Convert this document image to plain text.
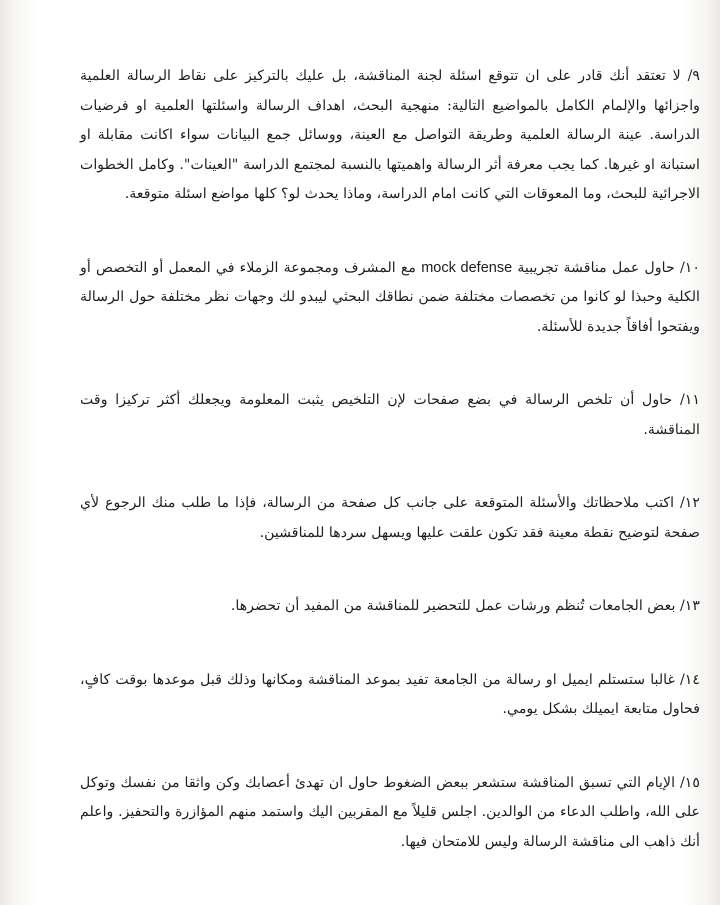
٩/ لا تعتقد أنك قادر على ان تتوقع اسئلة لجنة المناقشة، بل عليك بالتركيز على نقاط الرسالة العلمية واجزائها والإلمام الكامل بالمواضيع التالية: منهجية البحث، اهداف الرسالة واسئلتها العلمية او فرضيات الدراسة. عينة الرسالة العلمية وطريقة التواصل مع العينة، ووسائل جمع البيانات سواء اكانت مقابلة او استبانة او غيرها. كما يجب معرفة أثر الرسالة واهميتها بالنسبة لمجتمع الدراسة "العينات". وكامل الخطوات الاجرائية للبحث، وما المعوقات التي كانت امام الدراسة، وماذا يحدث لو؟ كلها مواضع اسئلة متوقعة.

١٠/ حاول عمل مناقشة تجريبية mock defense مع المشرف ومجموعة الزملاء في المعمل أو التخصص أو الكلية وحبذا لو كانوا من تخصصات مختلفة ضمن نطاقك البحثي ليبدو لك وجهات نظر مختلفة حول الرسالة ويفتحوا أفاقاً جديدة للأسئلة.

١١/ حاول أن تلخص الرسالة في بضع صفحات لإن التلخيص يثبت المعلومة ويجعلك أكثر تركيزا وقت المناقشة.

١٢/ اكتب ملاحظاتك والأسئلة المتوقعة على جانب كل صفحة من الرسالة، فإذا ما طلب منك الرجوع لأي صفحة لتوضيح نقطة معينة فقد تكون علقت عليها ويسهل سردها للمناقشين.

١٣/ بعض الجامعات تُنظم ورشات عمل للتحضير للمناقشة من المفيد أن تحضرها.

١٤/ غالبا ستستلم ايميل او رسالة من الجامعة تفيد بموعد المناقشة ومكانها وذلك قبل موعدها بوقت كافٍ، فحاول متابعة ايميلك بشكل يومي.

١٥/ الإيام التي تسبق المناقشة ستشعر ببعض الضغوط حاول ان تهدئ أعصابك وكن واثقا من نفسك وتوكل على الله، واطلب الدعاء من الوالدين. اجلس قليلاً مع المقربين اليك واستمد منهم المؤازرة والتحفيز. واعلم أنك ذاهب الى مناقشة الرسالة وليس للامتحان فيها.
